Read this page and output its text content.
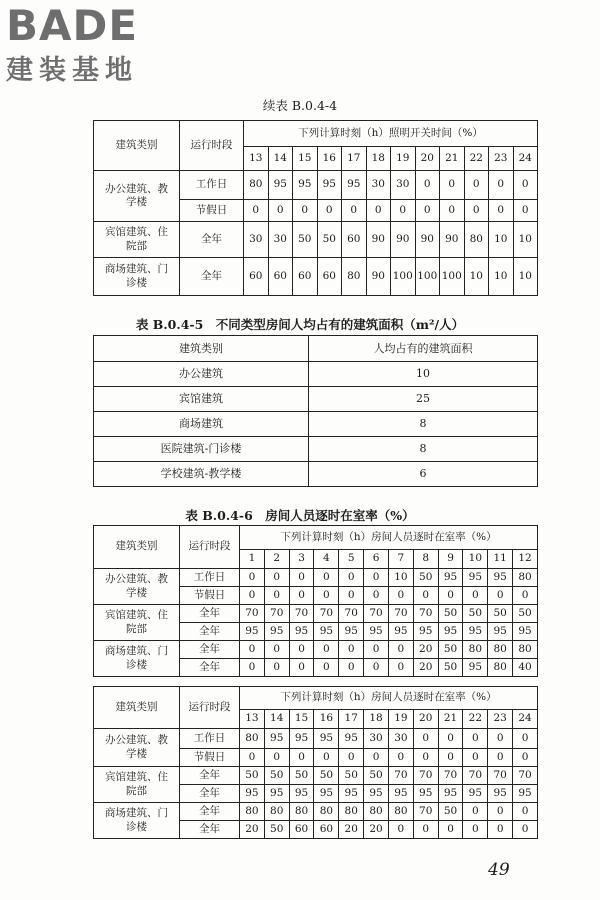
BADE
建装基地
续表 B.0.4-4
建筑类别	运行时段	下列计算时刻（h）照明开关时间（%）											
		13	14	15	16	17	18	19	20	21	22	23	24
办公建筑、教学楼	工作日	80	95	95	95	95	30	30	0	0	0	0	0
	节假日	0	0	0	0	0	0	0	0	0	0	0	0
宾馆建筑、住院部	全年	30	30	50	50	60	90	90	90	90	80	10	10
商场建筑、门诊楼	全年	60	60	60	60	80	90	100	100	100	10	10	10
表 B.0.4-5　不同类型房间人均占有的建筑面积（m²/人）
建筑类别	人均占有的建筑面积
办公建筑	10
宾馆建筑	25
商场建筑	8
医院建筑-门诊楼	8
学校建筑-教学楼	6
表 B.0.4-6　房间人员逐时在室率（%）
建筑类别	运行时段	下列计算时刻（h）房间人员逐时在室率（%）											
		1	2	3	4	5	6	7	8	9	10	11	12
办公建筑、教学楼	工作日	0	0	0	0	0	0	10	50	95	95	95	80
	节假日	0	0	0	0	0	0	0	0	0	0	0	0
宾馆建筑、住院部	全年	70	70	70	70	70	70	70	70	50	50	50	50
	全年	95	95	95	95	95	95	95	95	95	95	95	95
商场建筑、门诊楼	全年	0	0	0	0	0	0	0	20	50	80	80	80
	全年	0	0	0	0	0	0	0	20	50	95	80	40
建筑类别	运行时段	下列计算时刻（h）房间人员逐时在室率（%）											
		13	14	15	16	17	18	19	20	21	22	23	24
办公建筑、教学楼	工作日	80	95	95	95	95	30	30	0	0	0	0	0
	节假日	0	0	0	0	0	0	0	0	0	0	0	0
宾馆建筑、住院部	全年	50	50	50	50	50	50	70	70	70	70	70	70
	全年	95	95	95	95	95	95	95	95	95	95	95	95
商场建筑、门诊楼	全年	80	80	80	80	80	80	80	70	50	0	0	0
	全年	20	50	60	60	20	20	0	0	0	0	0	0
49
